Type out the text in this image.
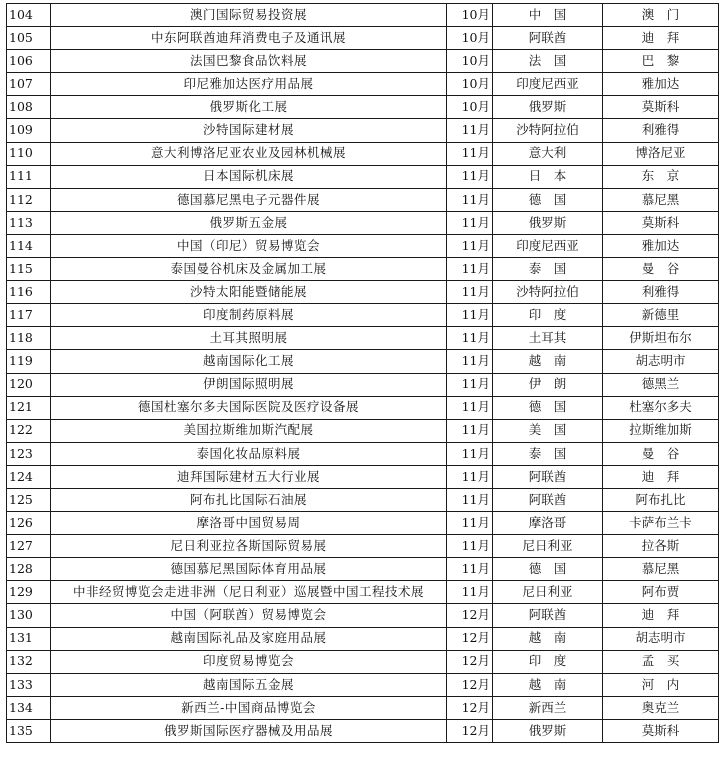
104	澳门国际贸易投资展	10月	中　国	澳　门
105	中东阿联酋迪拜消费电子及通讯展	10月	阿联酋	迪　拜
106	法国巴黎食品饮料展	10月	法　国	巴　黎
107	印尼雅加达医疗用品展	10月	印度尼西亚	雅加达
108	俄罗斯化工展	10月	俄罗斯	莫斯科
109	沙特国际建材展	11月	沙特阿拉伯	利雅得
110	意大利博洛尼亚农业及园林机械展	11月	意大利	博洛尼亚
111	日本国际机床展	11月	日　本	东　京
112	德国慕尼黑电子元器件展	11月	德　国	慕尼黑
113	俄罗斯五金展	11月	俄罗斯	莫斯科
114	中国（印尼）贸易博览会	11月	印度尼西亚	雅加达
115	泰国曼谷机床及金属加工展	11月	泰　国	曼　谷
116	沙特太阳能暨储能展	11月	沙特阿拉伯	利雅得
117	印度制药原料展	11月	印　度	新德里
118	土耳其照明展	11月	土耳其	伊斯坦布尔
119	越南国际化工展	11月	越　南	胡志明市
120	伊朗国际照明展	11月	伊　朗	德黑兰
121	德国杜塞尔多夫国际医院及医疗设备展	11月	德　国	杜塞尔多夫
122	美国拉斯维加斯汽配展	11月	美　国	拉斯维加斯
123	泰国化妆品原料展	11月	泰　国	曼　谷
124	迪拜国际建材五大行业展	11月	阿联酋	迪　拜
125	阿布扎比国际石油展	11月	阿联酋	阿布扎比
126	摩洛哥中国贸易周	11月	摩洛哥	卡萨布兰卡
127	尼日利亚拉各斯国际贸易展	11月	尼日利亚	拉各斯
128	德国慕尼黑国际体育用品展	11月	德　国	慕尼黑
129	中非经贸博览会走进非洲（尼日利亚）巡展暨中国工程技术展	11月	尼日利亚	阿布贾
130	中国（阿联酋）贸易博览会	12月	阿联酋	迪　拜
131	越南国际礼品及家庭用品展	12月	越　南	胡志明市
132	印度贸易博览会	12月	印　度	孟　买
133	越南国际五金展	12月	越　南	河　内
134	新西兰-中国商品博览会	12月	新西兰	奥克兰
135	俄罗斯国际医疗器械及用品展	12月	俄罗斯	莫斯科
